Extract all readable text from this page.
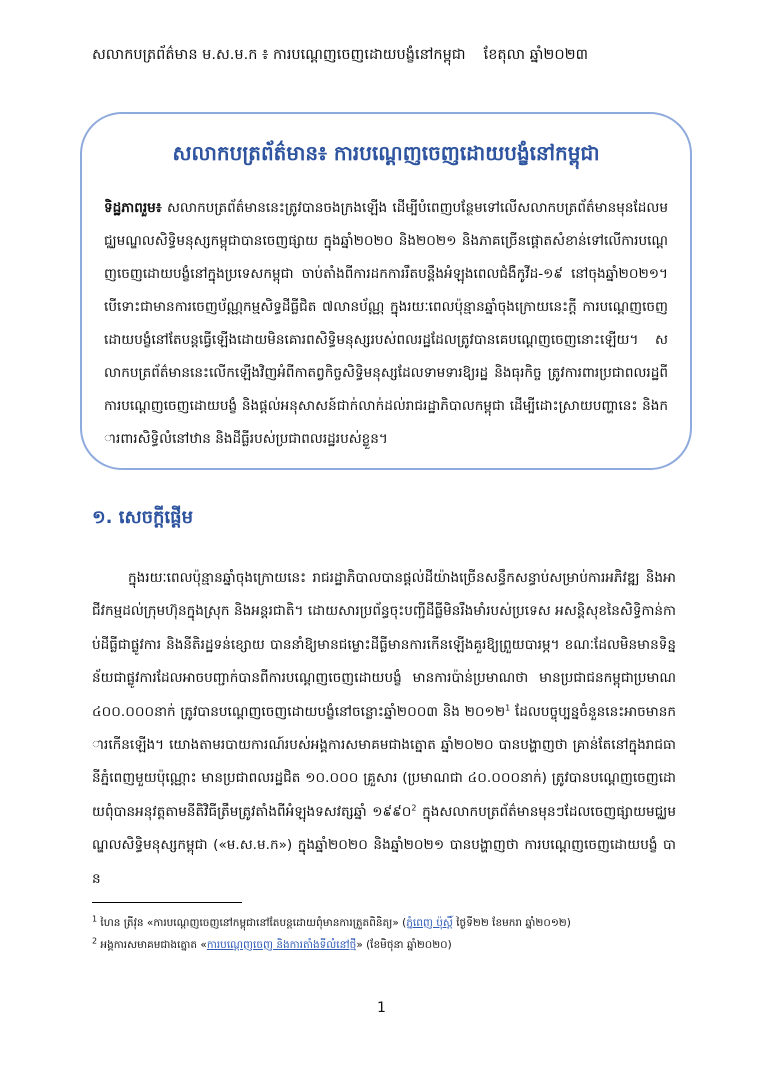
សលាកបត្រព័ត៌មាន ម.ស.ម.ក ៖ ការបណ្តេញចេញដោយបង្ខំនៅកម្ពុជា ខែតុលា ឆ្នាំ២០២៣
សលាកបត្រព័ត៌មាន៖ ការបណ្តេញចេញដោយបង្ខំនៅកម្ពុជា
ទិដ្ឋភាពរួម៖ សលាកបត្រព័ត៌មាននេះត្រូវបានចងក្រងឡើង ដើម្បីបំពេញបន្ថែមទៅលើសលាកបត្រព័ត៌មានមុនដែលមជ្ឈមណ្ឌលសិទ្ធិមនុស្សកម្ពុជាបានចេញផ្សាយ ក្នុងឆ្នាំ២០២០ និង២០២១ និងភាគច្រើនផ្តោតសំខាន់ទៅលើការបណ្តេញចេញដោយបង្ខំនៅក្នុងប្រទេសកម្ពុជា ចាប់តាំងពីការដកការរឹតបន្តឹងអំឡុងពេលជំងឺកូវីដ-១៩ នៅចុងឆ្នាំ២០២១។ បើទោះជាមានការចេញប័ណ្ណកម្មសិទ្ធដីធ្លីជិត ៧លានប័ណ្ណ ក្នុងរយៈពេលប៉ុន្មានឆ្នាំចុងក្រោយនេះក្តី ការបណ្តេញចេញដោយបង្ខំនៅតែបន្តធ្វើឡើងដោយមិនគោរពសិទ្ធិមនុស្សរបស់ពលរដ្ឋដែលត្រូវបានគេបណ្តេញចេញនោះឡើយ។ សលាកបត្រព័ត៌មាននេះលើកឡើងវិញអំពីកាតព្វកិច្ចសិទ្ធិមនុស្សដែលទាមទារឱ្យរដ្ឋ និងធុរកិច្ច ត្រូវការពារប្រជាពលរដ្ឋពីការបណ្តេញចេញដោយបង្ខំ និងផ្តល់អនុសាសន៍ជាក់លាក់ដល់រាជរដ្ឋាភិបាលកម្ពុជា ដើម្បីដោះស្រាយបញ្ហានេះ និងការពារសិទ្ធិលំនៅឋាន និងដីធ្លីរបស់ប្រជាពលរដ្ឋរបស់ខ្លួន។
១. សេចក្តីផ្តើម

ក្នុងរយៈពេលប៉ុន្មានឆ្នាំចុងក្រោយនេះ រាជរដ្ឋាភិបាលបានផ្តល់ដីយ៉ាងច្រើនសន្ធឹកសន្ធាប់សម្រាប់ការអភិវឌ្ឍ និងអាជីវកម្មដល់ក្រុមហ៊ុនក្នុងស្រុក និងអន្តរជាតិ។ ដោយសារប្រព័ន្ធចុះបញ្ជីដីធ្លីមិនរឹងមាំរបស់ប្រទេស អសន្តិសុខនៃសិទ្ធិកាន់កាប់ដីធ្លីជាផ្លូវការ និងនីតិរដ្ឋទន់ខ្សោយ បាននាំឱ្យមានជម្លោះដីធ្លីមានការកើនឡើងគួរឱ្យព្រួយបារម្ភ។ ខណៈដែលមិនមានទិន្នន័យជាផ្លូវការដែលអាចបញ្ជាក់បានពីការបណ្តេញចេញដោយបង្ខំ មានការប៉ាន់ប្រមាណថា មានប្រជាជនកម្ពុជាប្រមាណ ៤០០.០០០នាក់ ត្រូវបានបណ្តេញចេញដោយបង្ខំនៅចន្លោះឆ្នាំ២០០៣ និង ២០១២$^1$ ដែលបច្ចុប្បន្នចំនួននេះអាចមានការកើនឡើង។ យោងតាមរបាយការណ៍របស់អង្គការសមាគមជាងត្នោត ឆ្នាំ២០២០ បានបង្ហាញថា គ្រាន់តែនៅក្នុងរាជធានីភ្នំពេញមួយប៉ុណ្ណោះ មានប្រជាពលរដ្ឋជិត ១០.០០០ គ្រួសារ (ប្រមាណជា ៤០.០០០នាក់) ត្រូវបានបណ្តេញចេញដោយពុំបានអនុវត្តតាមនីតិវិធីត្រឹមត្រូវតាំងពីអំឡុងទសវត្សឆ្នាំ ១៩៩០$^2$ ក្នុងសលាកបត្រព័ត៌មានមុនៗដែលចេញផ្សាយមជ្ឈមណ្ឌលសិទ្ធិមនុស្សកម្ពុជា («ម.ស.ម.ក») ក្នុងឆ្នាំ២០២០ និងឆ្នាំ២០២១ បានបង្ហាញថា ការបណ្តេញចេញដោយបង្ខំ បាន

$^1$ ហៃន ត្រីវុន «ការបណ្តេញចេញនៅកម្ពុជានៅតែបន្តដោយពុំមានការត្រួតពិនិត្យ» (ភ្នំពេញ ប៉ុស្តិ៍ ថ្ងៃទី២២ ខែមករា ឆ្នាំ២០១២)
$^2$ អង្គការសមាគមជាងត្នោត «ការបណ្តេញចេញ និងការតាំងទីលំនៅថ្មី» (ខែមិថុនា ឆ្នាំ២០២០)
1
